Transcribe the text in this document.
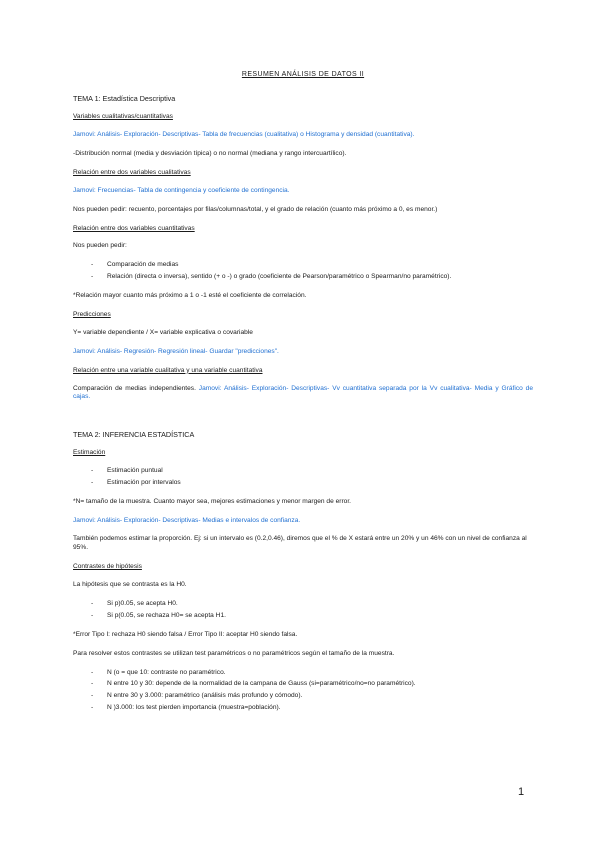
RESUMEN ANÁLISIS DE DATOS II
TEMA 1: Estadística Descriptiva
Variables cualitativas/cuantitativas

Jamovi: Análisis- Exploración- Descriptivas- Tabla de frecuencias (cualitativa) o Histograma y densidad (cuantitativa).

-Distribución normal (media y desviación típica) o no normal (mediana y rango intercuartílico).

Relación entre dos variables cualitativas

Jamovi: Frecuencias- Tabla de contingencia y coeficiente de contingencia.

Nos pueden pedir: recuento, porcentajes por filas/columnas/total, y el grado de relación (cuanto más próximo a 0, es menor.)

Relación entre dos variables cuantitativas

Nos pueden pedir:

- Comparación de medias
- Relación (directa o inversa), sentido (+ o -) o grado (coeficiente de Pearson/paramétrico o Spearman/no paramétrico).

*Relación mayor cuanto más próximo a 1 o -1 esté el coeficiente de correlación.

Predicciones

Y= variable dependiente / X= variable explicativa o covariable

Jamovi: Análisis- Regresión- Regresión lineal- Guardar "predicciones".

Relación entre una variable cualitativa y una variable cuantitativa

Comparación de medias independientes. Jamovi: Análisis- Exploración- Descriptivas- Vv cuantitativa separada por la Vv cualitativa- Media y Gráfico de cajas.

TEMA 2: INFERENCIA ESTADÍSTICA
Estimación
- Estimación puntual
- Estimación por intervalos

*N= tamaño de la muestra. Cuanto mayor sea, mejores estimaciones y menor margen de error.

Jamovi: Análisis- Exploración- Descriptivas- Medias e intervalos de confianza.

También podemos estimar la proporción. Ej: si un intervalo es (0.2,0.46), diremos que el % de X estará entre un 20% y un 46% con un nivel de confianza al 95%.

Contrastes de hipótesis

La hipótesis que se contrasta es la H0.

- Si p)0.05, se acepta H0.
- Si p(0.05, se rechaza H0= se acepta H1.

*Error Tipo I: rechaza H0 siendo falsa / Error Tipo II: aceptar H0 siendo falsa.

Para resolver estos contrastes se utilizan test paramétricos o no paramétricos según el tamaño de la muestra.

- N (o = que 10: contraste no paramétrico.
- N entre 10 y 30: depende de la normalidad de la campana de Gauss (si=paramétrico/no=no paramétrico).
- N entre 30 y 3.000: paramétrico (análisis más profundo y cómodo).
- N )3.000: los test pierden importancia (muestra=población).
1
